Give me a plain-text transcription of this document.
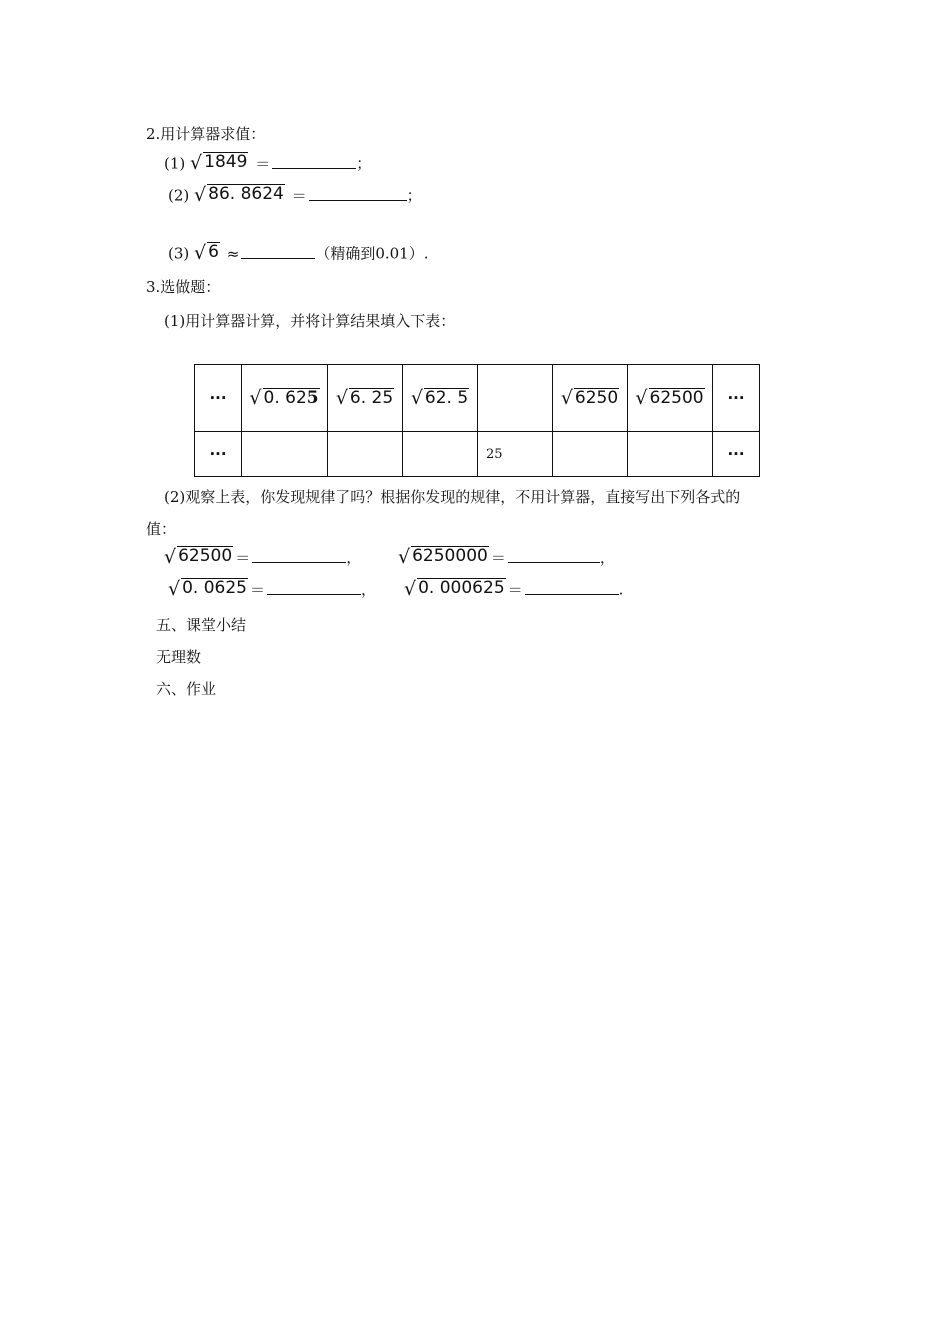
2.用计算器求值：
(1) √ 1849 ＝	；
(2) √ 86. 8624 ＝	；
(3) √ 6 ≈	（精确到0.01）.
3.选做题：
(1)用计算器计算，并将计算结果填入下表：
···	√ 0. 625	√ 6. 25	√ 62. 5		√ 6250	√ 62500	···
···				25			···
(2)观察上表，你发现规律了吗？根据你发现的规律，不用计算器，直接写出下列各式的
值：
√ 62500 ＝	， √ 6250000 ＝	，
√ 0. 0625 ＝	， √ 0. 000625 ＝	.
五、课堂小结
无理数
六、作业
